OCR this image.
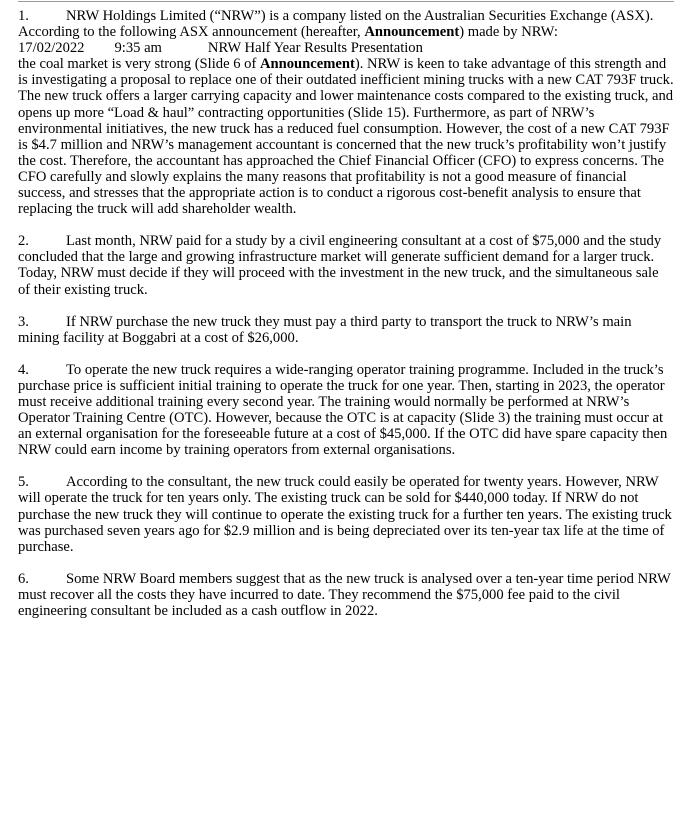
1.	NRW Holdings Limited (“NRW”) is a company listed on the Australian Securities Exchange (ASX). According to the following ASX announcement (hereafter, Announcement) made by NRW:

17/02/2022 9:35 am	NRW Half Year Results Presentation

the coal market is very strong (Slide 6 of Announcement). NRW is keen to take advantage of this strength and is investigating a proposal to replace one of their outdated inefficient mining trucks with a new CAT 793F truck. The new truck offers a larger carrying capacity and lower maintenance costs compared to the existing truck, and opens up more “Load & haul” contracting opportunities (Slide 15). Furthermore, as part of NRW’s environmental initiatives, the new truck has a reduced fuel consumption. However, the cost of a new CAT 793F is $4.7 million and NRW’s management accountant is concerned that the new truck’s profitability won’t justify the cost. Therefore, the accountant has approached the Chief Financial Officer (CFO) to express concerns. The CFO carefully and slowly explains the many reasons that profitability is not a good measure of financial success, and stresses that the appropriate action is to conduct a rigorous cost-benefit analysis to ensure that replacing the truck will add shareholder wealth.

2.	Last month, NRW paid for a study by a civil engineering consultant at a cost of $75,000 and the study concluded that the large and growing infrastructure market will generate sufficient demand for a larger truck. Today, NRW must decide if they will proceed with the investment in the new truck, and the simultaneous sale of their existing truck.

3.	If NRW purchase the new truck they must pay a third party to transport the truck to NRW’s main mining facility at Boggabri at a cost of $26,000.

4.	To operate the new truck requires a wide-ranging operator training programme. Included in the truck’s purchase price is sufficient initial training to operate the truck for one year. Then, starting in 2023, the operator must receive additional training every second year. The training would normally be performed at NRW’s Operator Training Centre (OTC). However, because the OTC is at capacity (Slide 3) the training must occur at an external organisation for the foreseeable future at a cost of $45,000. If the OTC did have spare capacity then NRW could earn income by training operators from external organisations.

5.	According to the consultant, the new truck could easily be operated for twenty years. However, NRW will operate the truck for ten years only. The existing truck can be sold for $440,000 today. If NRW do not purchase the new truck they will continue to operate the existing truck for a further ten years. The existing truck was purchased seven years ago for $2.9 million and is being depreciated over its ten-year tax life at the time of purchase.

6.	Some NRW Board members suggest that as the new truck is analysed over a ten-year time period NRW must recover all the costs they have incurred to date. They recommend the $75,000 fee paid to the civil engineering consultant be included as a cash outflow in 2022.
